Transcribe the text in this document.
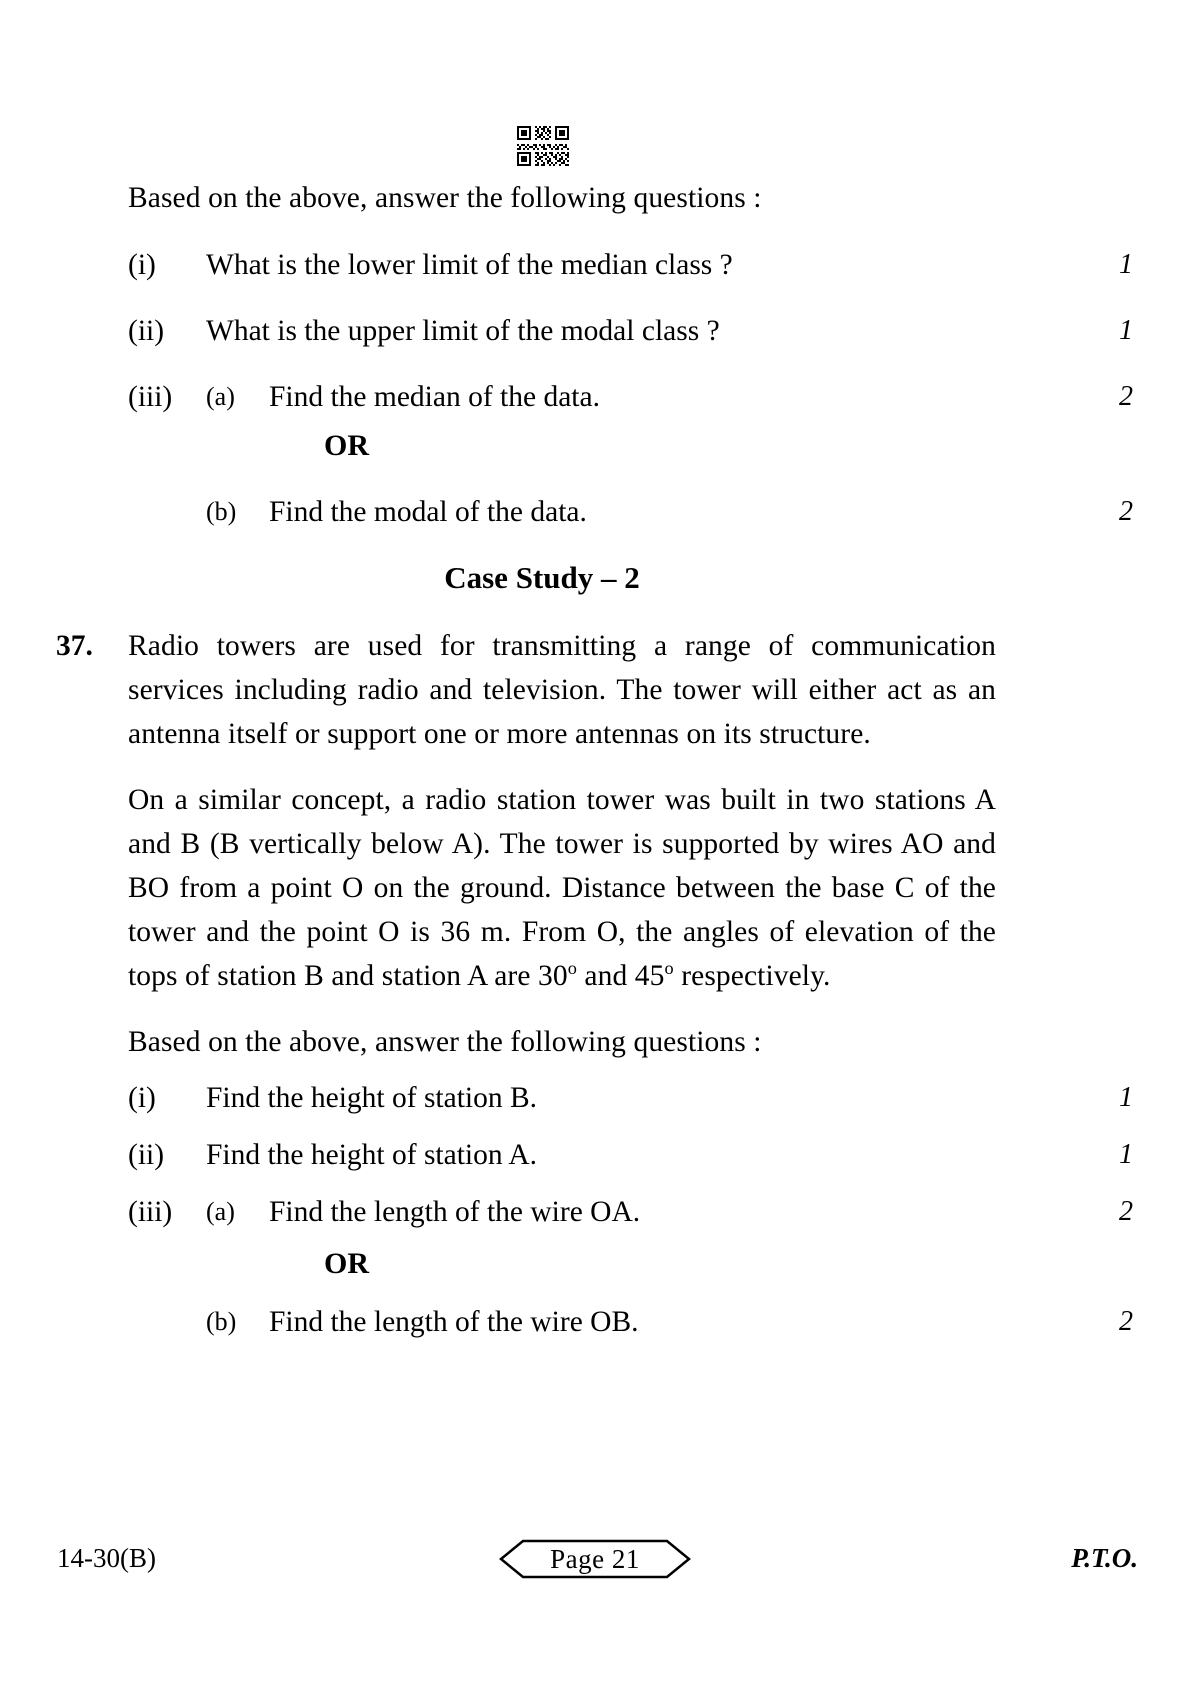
Based on the above, answer the following questions :
(i)	What is the lower limit of the median class ?	1
(ii)	What is the upper limit of the modal class ?	1
(iii)	(a) Find the median of the data.	2
OR
(b) Find the modal of the data.	2
Case Study – 2
37.	Radio towers are used for transmitting a range of communication services including radio and television. The tower will either act as an antenna itself or support one or more antennas on its structure.
On a similar concept, a radio station tower was built in two stations A and B (B vertically below A). The tower is supported by wires AO and BO from a point O on the ground. Distance between the base C of the tower and the point O is 36 m. From O, the angles of elevation of the tops of station B and station A are 30$^o$ and 45$^o$ respectively.
Based on the above, answer the following questions :
(i)	Find the height of station B.	1
(ii)	Find the height of station A.	1
(iii)	(a) Find the length of the wire OA.	2
OR
(b) Find the length of the wire OB.	2
14-30(B)	Page 21	P.T.O.
